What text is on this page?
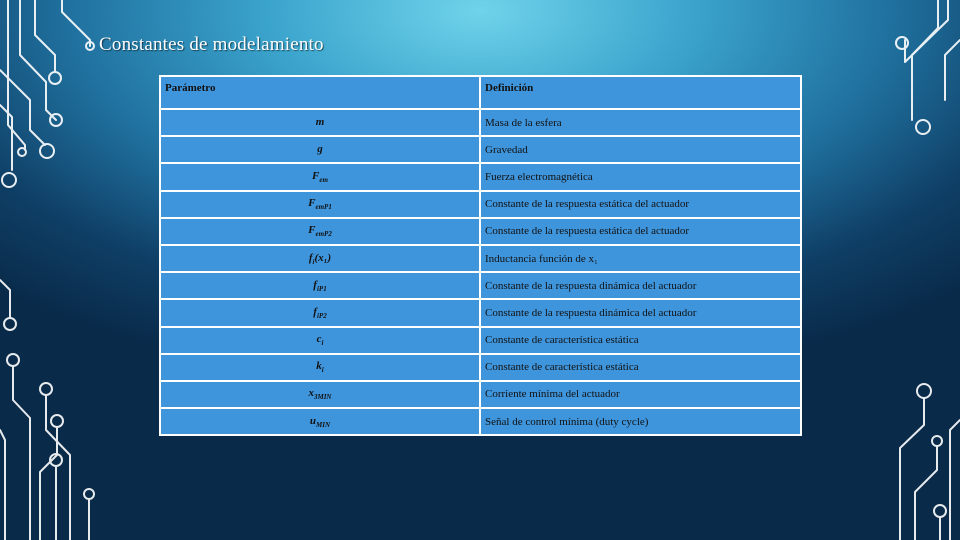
Constantes de modelamiento
Parámetro	Definición
m	Masa de la esfera
g	Gravedad
$F_{em}$	Fuerza electromagnética
$F_{emP1}$	Constante de la respuesta estática del actuador
$F_{emP2}$	Constante de la respuesta estática del actuador
$f_i(x_1)$	Inductancia función de x₁
$f_{iP1}$	Constante de la respuesta dinámica del actuador
$f_{iP2}$	Constante de la respuesta dinámica del actuador
$c_i$	Constante de característica estática
$k_i$	Constante de característica estática
$x_{3MIN}$	Corriente mínima del actuador
$u_{MIN}$	Señal de control mínima (duty cycle)
